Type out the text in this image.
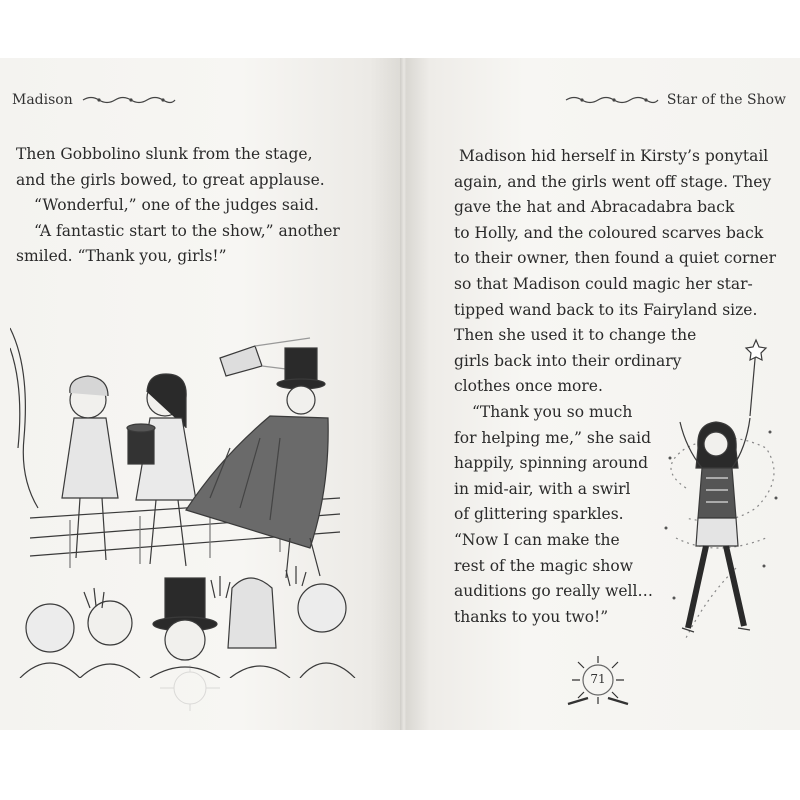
Madison
Then Gobbolino slunk from the stage,
and the girls bowed, to great applause.
“Wonderful,” one of the judges said.
“A fantastic start to the show,” another
smiled. “Thank you, girls!”
Star of the Show
Madison hid herself in Kirsty’s ponytail
again, and the girls went off stage. They
gave the hat and Abracadabra back
to Holly, and the coloured scarves back
to their owner, then found a quiet corner
so that Madison could magic her star-
tipped wand back to its Fairyland size.
Then she used it to change the
girls back into their ordinary
clothes once more.
“Thank you so much
for helping me,” she said
happily, spinning around
in mid-air, with a swirl
of glittering sparkles.
“Now I can make the
rest of the magic show
auditions go really well…
thanks to you two!”
71
